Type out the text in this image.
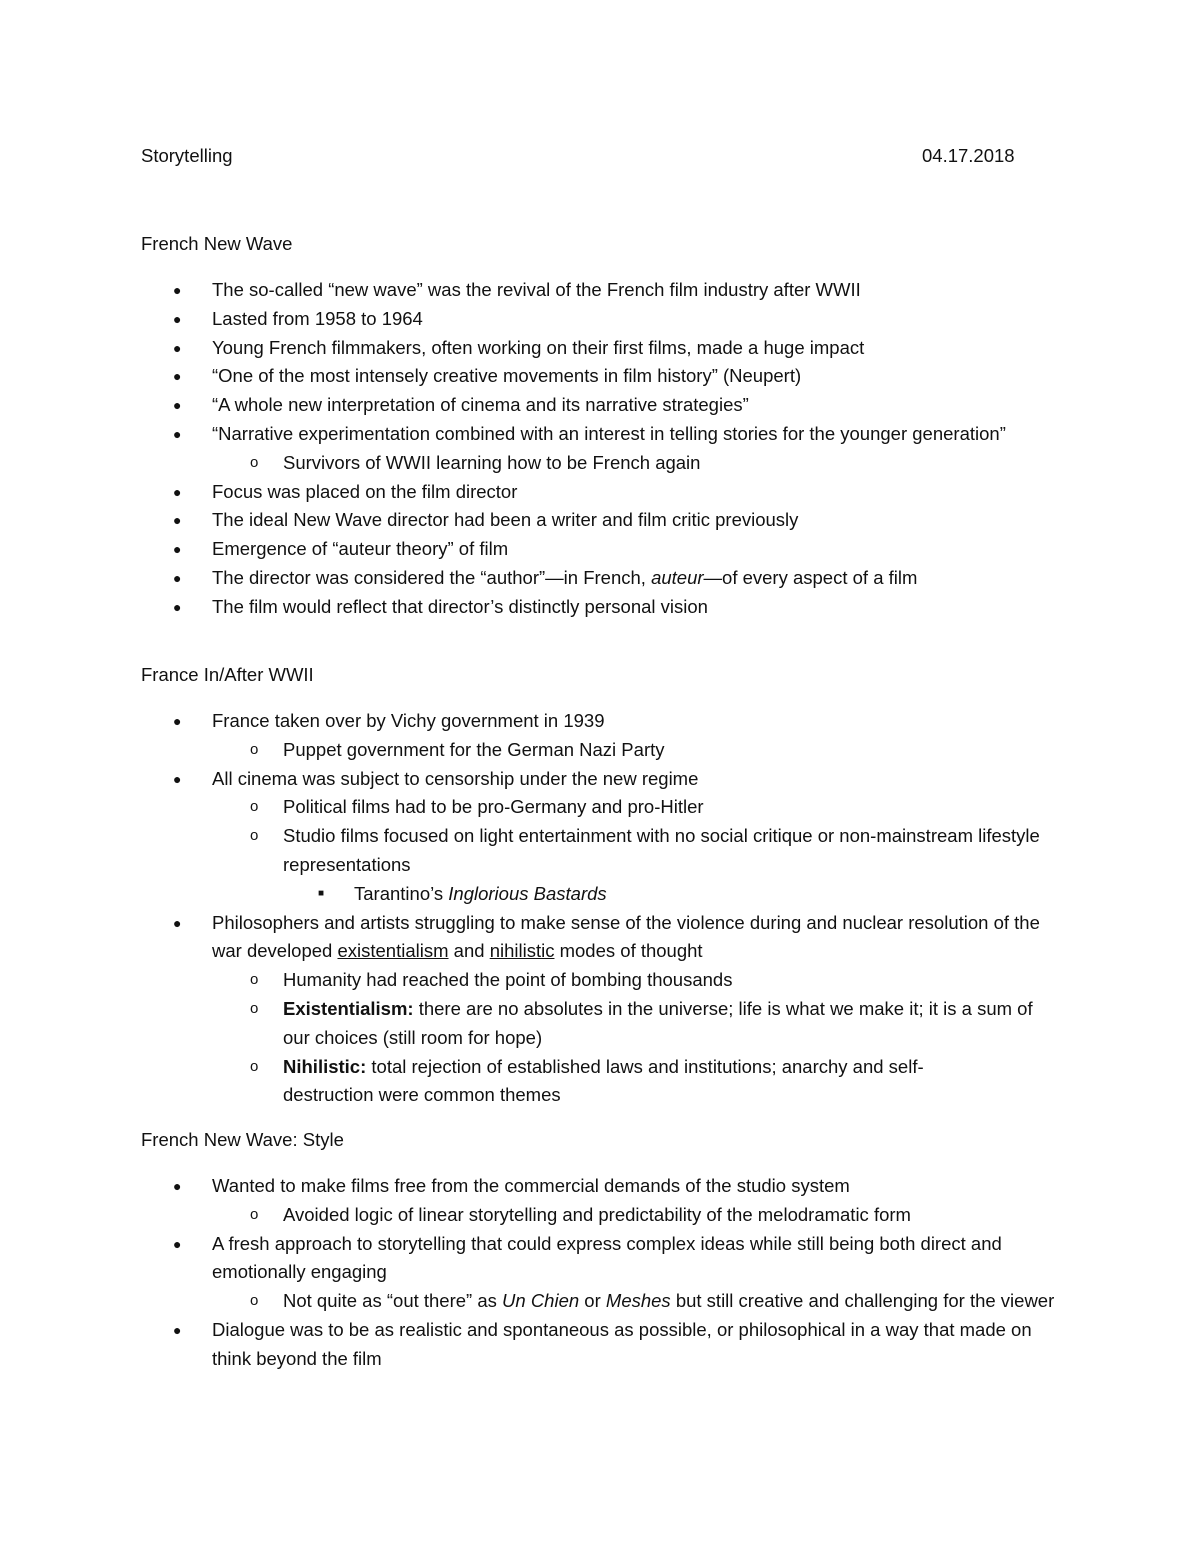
Storytelling	04.17.2018
French New Wave
● The so-called “new wave” was the revival of the French film industry after WWII
● Lasted from 1958 to 1964
● Young French filmmakers, often working on their first films, made a huge impact
● “One of the most intensely creative movements in film history” (Neupert)
● “A whole new interpretation of cinema and its narrative strategies”
● “Narrative experimentation combined with an interest in telling stories for the younger generation”
o Survivors of WWII learning how to be French again
● Focus was placed on the film director
● The ideal New Wave director had been a writer and film critic previously
● Emergence of “auteur theory” of film
● The director was considered the “author”—in French, auteur—of every aspect of a film
● The film would reflect that director’s distinctly personal vision
France In/After WWII
● France taken over by Vichy government in 1939
o Puppet government for the German Nazi Party
● All cinema was subject to censorship under the new regime
o Political films had to be pro-Germany and pro-Hitler
o Studio films focused on light entertainment with no social critique or non-mainstream lifestyle representations
■ Tarantino’s Inglorious Bastards
● Philosophers and artists struggling to make sense of the violence during and nuclear resolution of the war developed existentialism and nihilistic modes of thought
o Humanity had reached the point of bombing thousands
o Existentialism: there are no absolutes in the universe; life is what we make it; it is a sum of our choices (still room for hope)
o Nihilistic: total rejection of established laws and institutions; anarchy and self-destruction were common themes
French New Wave: Style
● Wanted to make films free from the commercial demands of the studio system
o Avoided logic of linear storytelling and predictability of the melodramatic form
● A fresh approach to storytelling that could express complex ideas while still being both direct and emotionally engaging
o Not quite as “out there” as Un Chien or Meshes but still creative and challenging for the viewer
● Dialogue was to be as realistic and spontaneous as possible, or philosophical in a way that made on think beyond the film
